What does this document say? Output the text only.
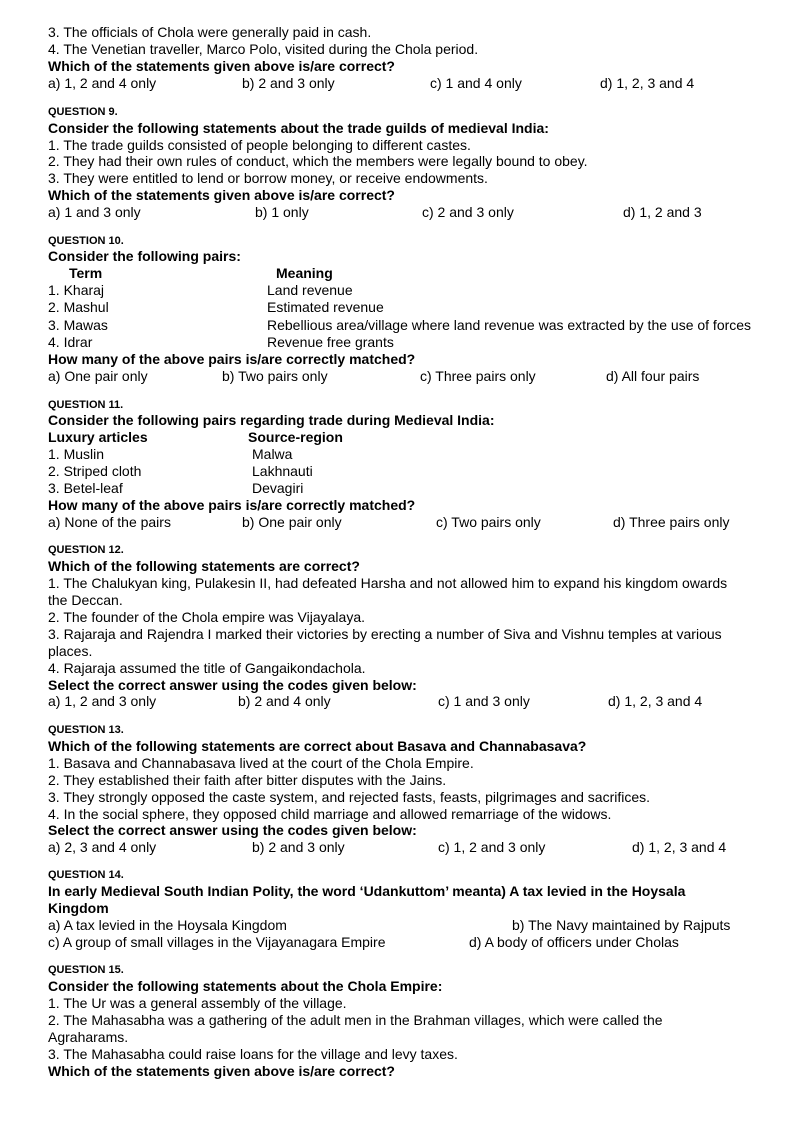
3. The officials of Chola were generally paid in cash.
4. The Venetian traveller, Marco Polo, visited during the Chola period.
Which of the statements given above is/are correct?
a) 1, 2 and 4 only	b) 2 and 3 only	c) 1 and 4 only	d) 1, 2, 3 and 4
QUESTION 9.
Consider the following statements about the trade guilds of medieval India:
1. The trade guilds consisted of people belonging to different castes.
2. They had their own rules of conduct, which the members were legally bound to obey.
3. They were entitled to lend or borrow money, or receive endowments.
Which of the statements given above is/are correct?
a) 1 and 3 only	b) 1 only	c) 2 and 3 only	d) 1, 2 and 3
QUESTION 10.
Consider the following pairs:
Term	Meaning
1. Kharaj	Land revenue
2. Mashul	Estimated revenue
3. Mawas	Rebellious area/village where land revenue was extracted by the use of forces
4. Idrar	Revenue free grants
How many of the above pairs is/are correctly matched?
a) One pair only	b) Two pairs only	c) Three pairs only	d) All four pairs
QUESTION 11.
Consider the following pairs regarding trade during Medieval India:
Luxury articles	Source-region
1. Muslin	Malwa
2. Striped cloth	Lakhnauti
3. Betel-leaf	Devagiri
How many of the above pairs is/are correctly matched?
a) None of the pairs	b) One pair only	c) Two pairs only	d) Three pairs only
QUESTION 12.
Which of the following statements are correct?
1. The Chalukyan king, Pulakesin II, had defeated Harsha and not allowed him to expand his kingdom owards
the Deccan.
2. The founder of the Chola empire was Vijayalaya.
3. Rajaraja and Rajendra I marked their victories by erecting a number of Siva and Vishnu temples at various
places.
4. Rajaraja assumed the title of Gangaikondachola.
Select the correct answer using the codes given below:
a) 1, 2 and 3 only	b) 2 and 4 only	c) 1 and 3 only	d) 1, 2, 3 and 4
QUESTION 13.
Which of the following statements are correct about Basava and Channabasava?
1. Basava and Channabasava lived at the court of the Chola Empire.
2. They established their faith after bitter disputes with the Jains.
3. They strongly opposed the caste system, and rejected fasts, feasts, pilgrimages and sacrifices.
4. In the social sphere, they opposed child marriage and allowed remarriage of the widows.
Select the correct answer using the codes given below:
a) 2, 3 and 4 only	b) 2 and 3 only	c) 1, 2 and 3 only	d) 1, 2, 3 and 4
QUESTION 14.
In early Medieval South Indian Polity, the word ‘Udankuttom’ meanta) A tax levied in the Hoysala
Kingdom
a) A tax levied in the Hoysala Kingdom	b) The Navy maintained by Rajputs
c) A group of small villages in the Vijayanagara Empire	d) A body of officers under Cholas
QUESTION 15.
Consider the following statements about the Chola Empire:
1. The Ur was a general assembly of the village.
2. The Mahasabha was a gathering of the adult men in the Brahman villages, which were called the
Agraharams.
3. The Mahasabha could raise loans for the village and levy taxes.
Which of the statements given above is/are correct?
